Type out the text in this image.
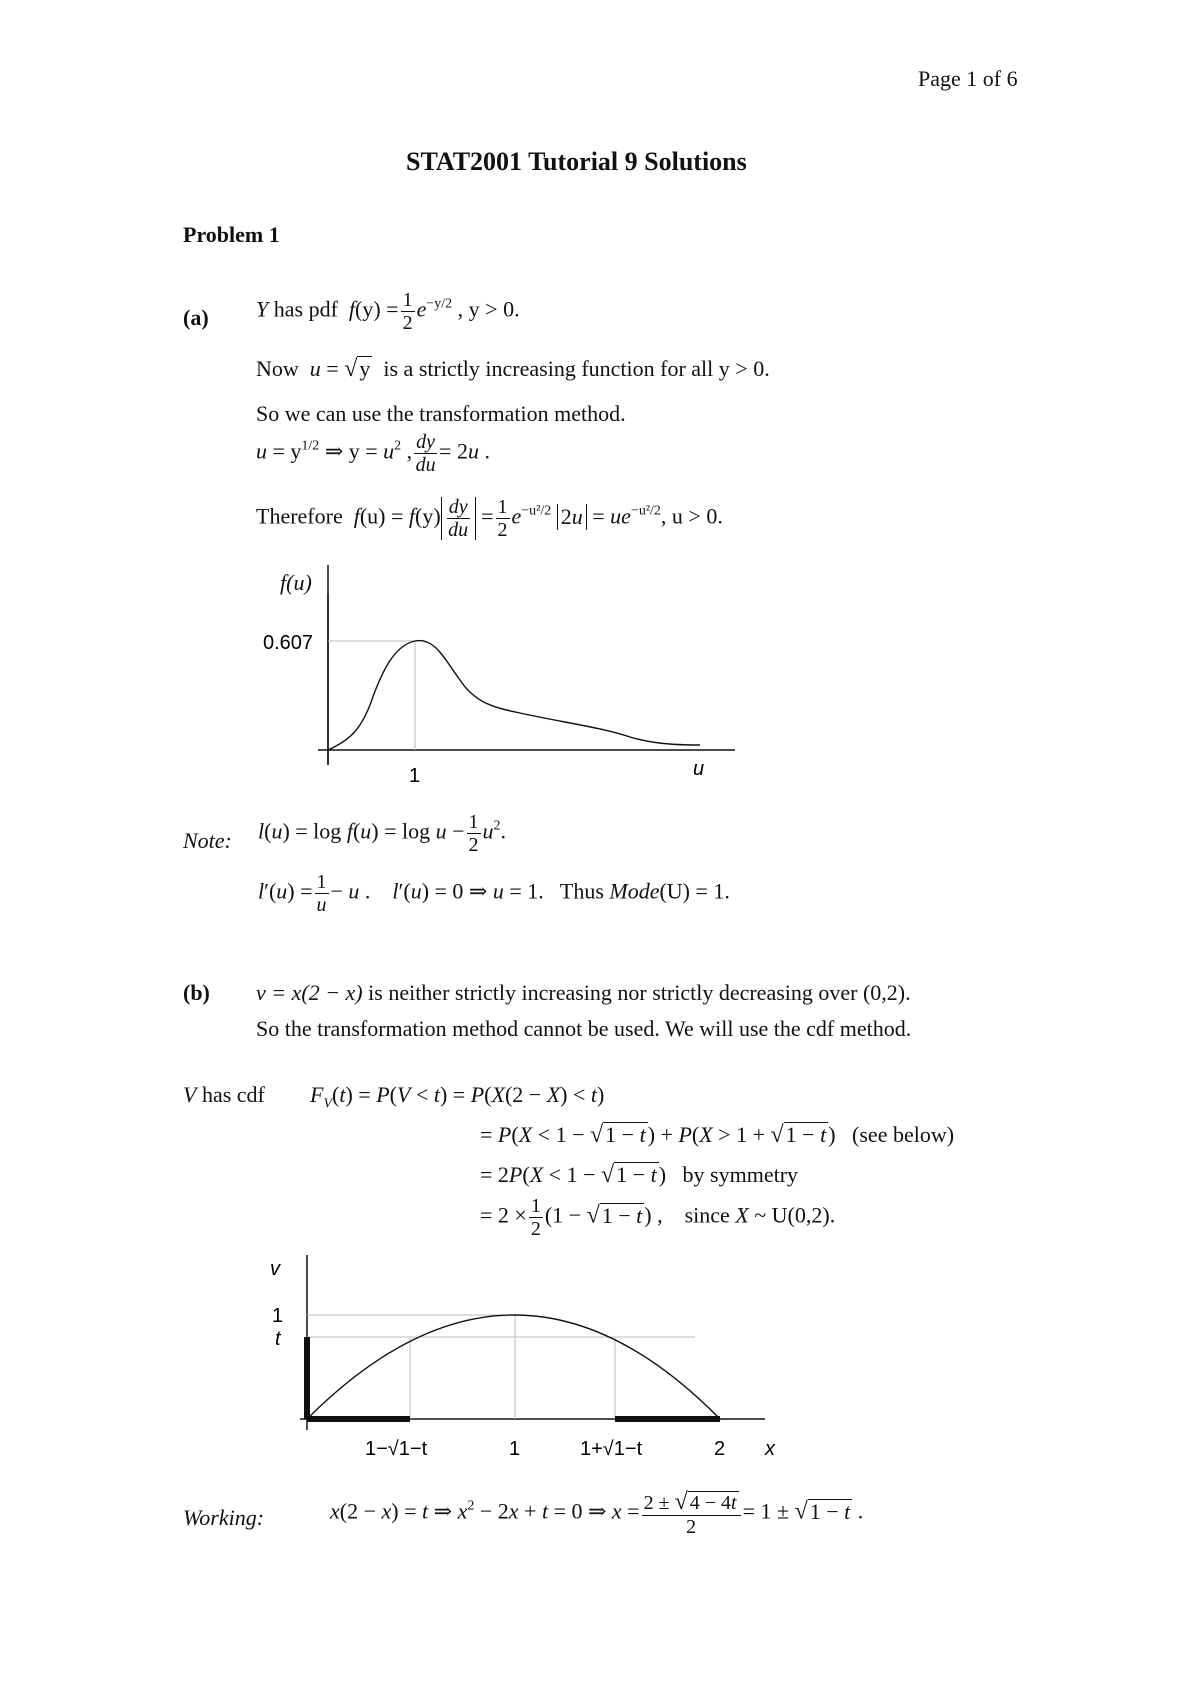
Page 1 of 6
STAT2001 Tutorial 9 Solutions
Problem 1
(a) Y has pdf $f(y) = \frac{1}{2} e^{-y/2}$ , y > 0.
Now u = √y is a strictly increasing function for all y > 0.
So we can use the transformation method.
$u = y^{1/2}$ ⇒ $y = u^2$ , $\frac{dy}{du} = 2u$ .
Therefore $f(u) = f(y) \frac{dy}{du} = \frac{1}{2} e^{-u^2/2}$ $2u = ue^{-u^2/2}$, u > 0.
0.607
1	u
f(u)
Note: $l(u) = \log f(u) = \log u - \frac{1}{2} u^2$.
$l'(u) = \frac{1}{u} - u$ .    l′(u) = 0 ⇒ u = 1.   Thus Mode(U) = 1.
(b) v = x(2 − x) is neither strictly increasing nor strictly decreasing over (0,2).
So the transformation method cannot be used. We will use the cdf method.
V has cdf $F_V(t) = P(V < t) = P(X(2 - X) < t)$
= P(X < 1 − √1 − t) + P(X > 1 + √1 − t)   (see below)
= 2P(X < 1 − √1 − t)   by symmetry
= $2 \times \frac{1}{2} (1 - √1 - t)$ ,    since X ~ U(0,2).
v
1
t
1−√1−t	1	1+√1−t	2 x
Working:	x(2 − x) = t ⇒ $x^2 - 2x + t = 0$ ⇒ $x = \frac{2 \pm √ 4 - 4t}{2} = 1 \pm √1 - t$ .
